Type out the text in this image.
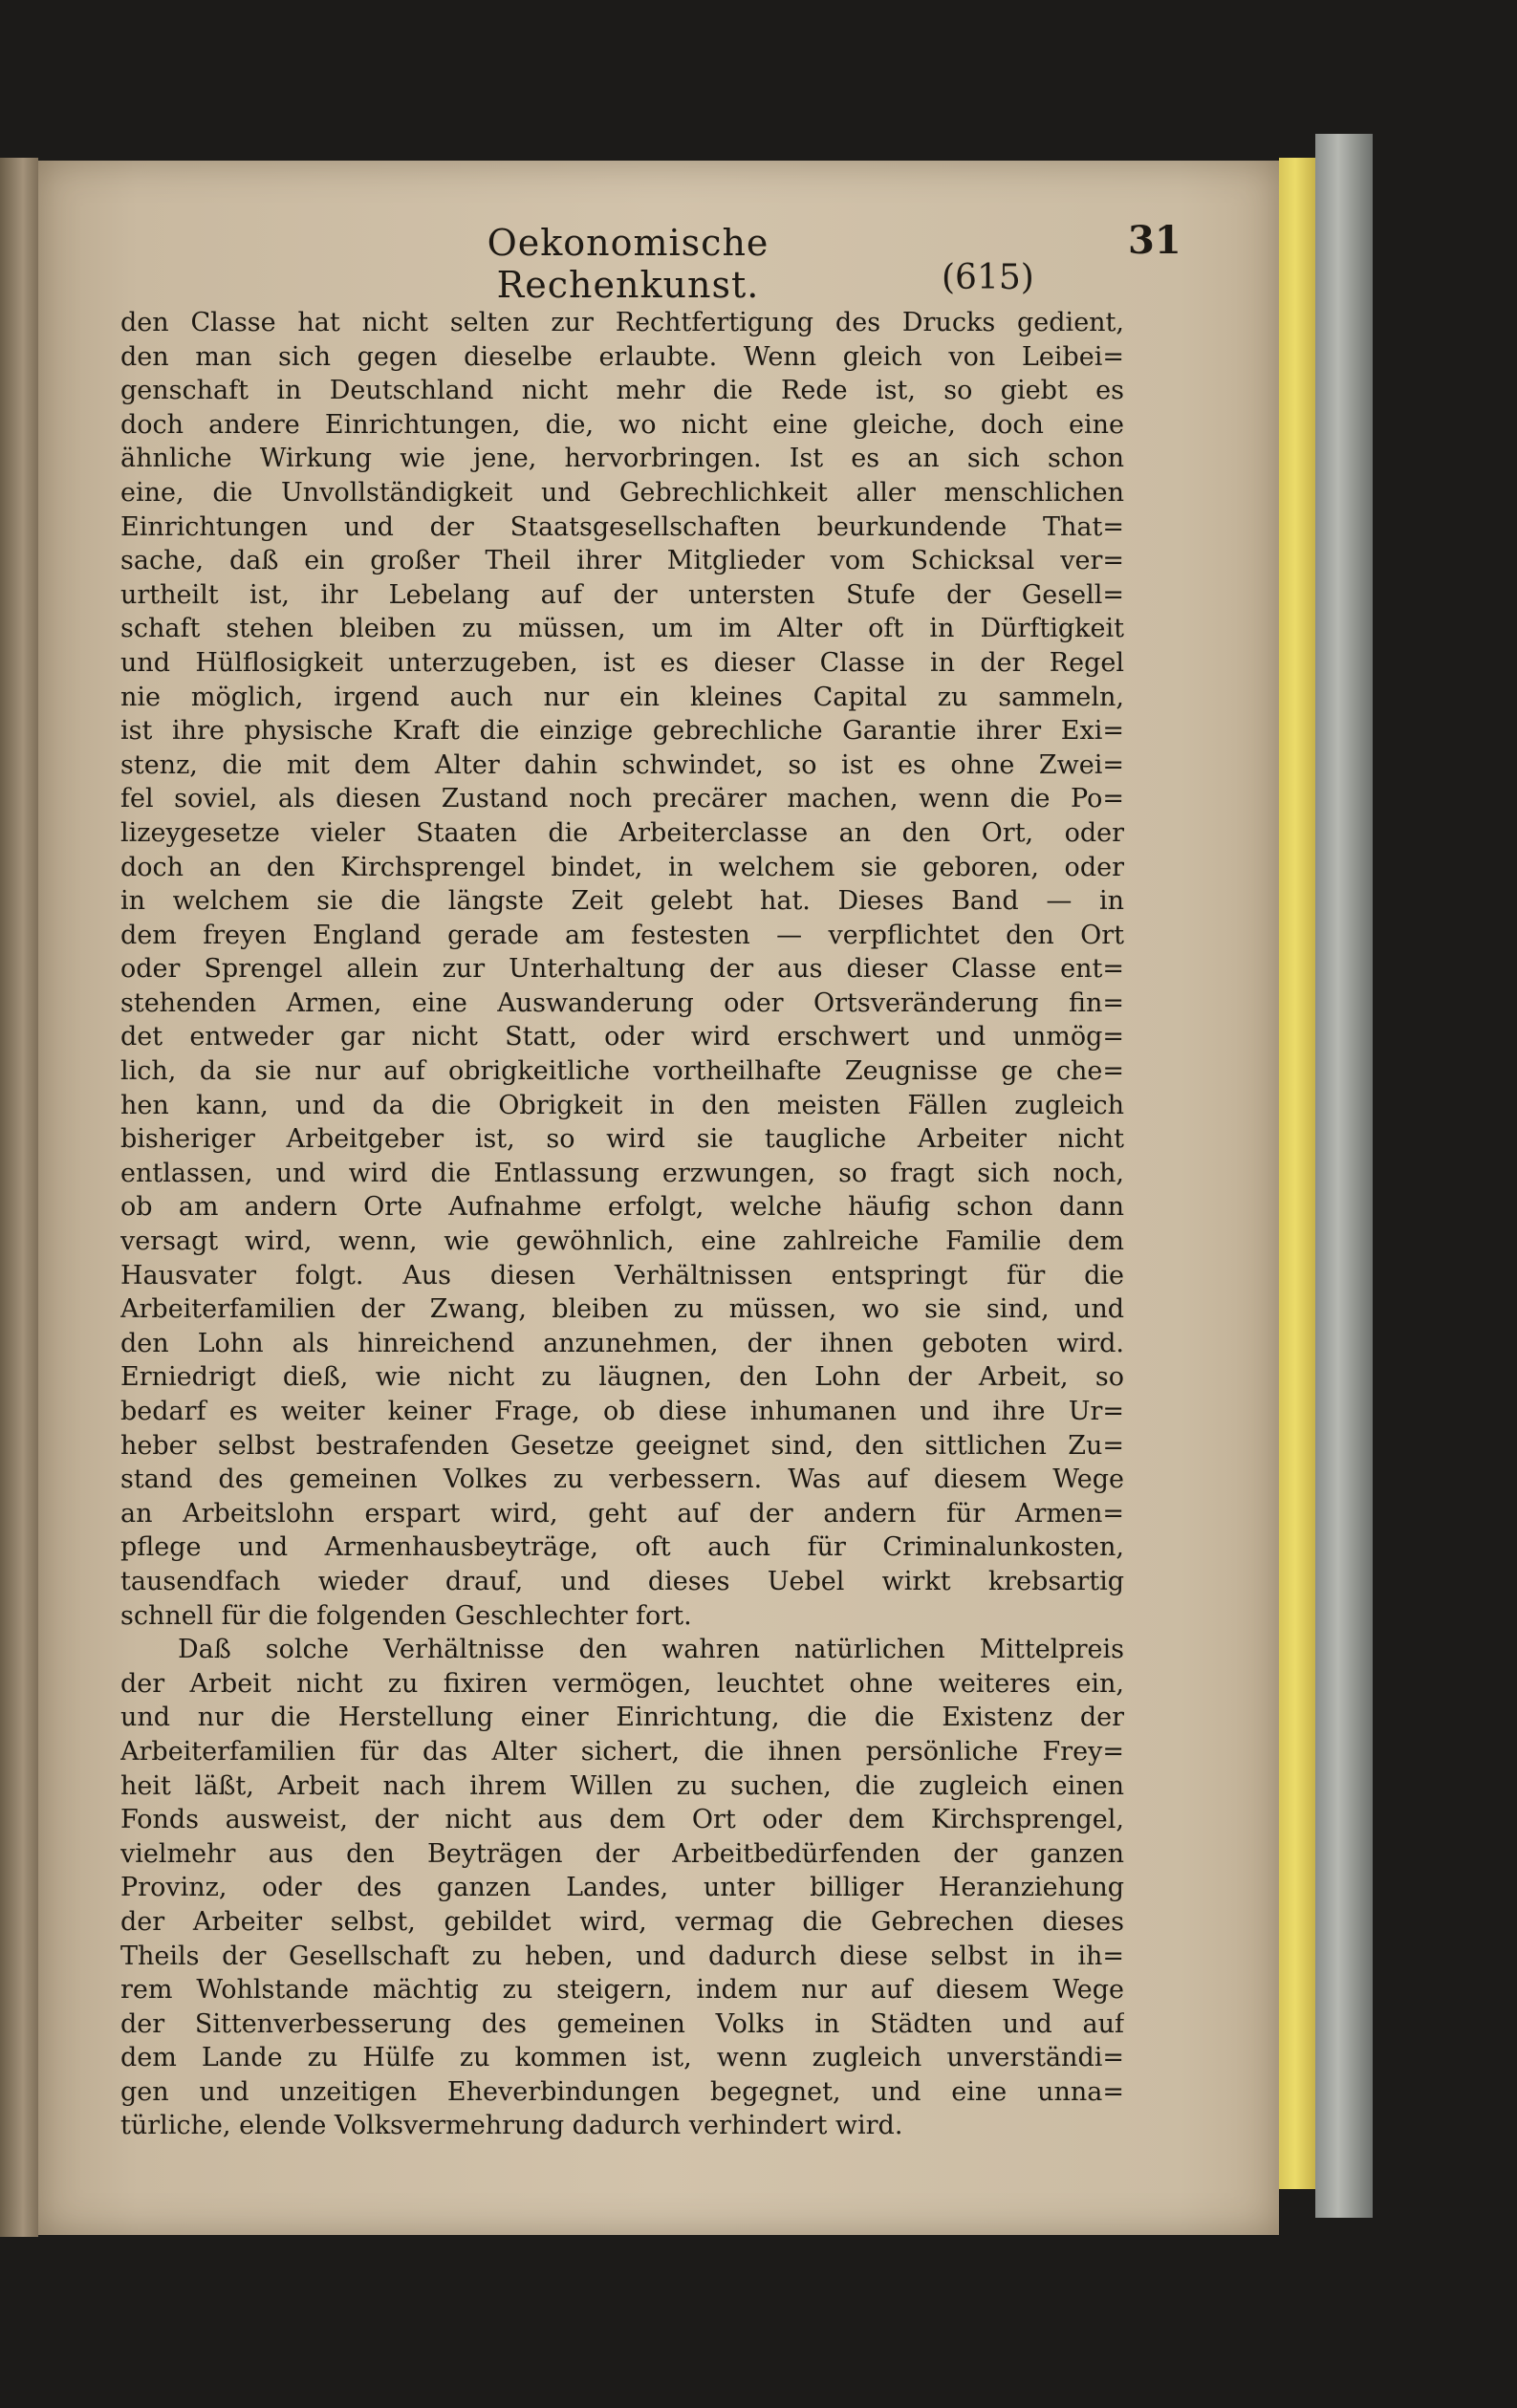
Oekonomische Rechenkunst.
31
(615)
den Classe hat nicht selten zur Rechtfertigung des Drucks gedient,
den man sich gegen dieselbe erlaubte. Wenn gleich von Leibei=
genschaft in Deutschland nicht mehr die Rede ist, so giebt es
doch andere Einrichtungen, die, wo nicht eine gleiche, doch eine
ähnliche Wirkung wie jene, hervorbringen. Ist es an sich schon
eine, die Unvollständigkeit und Gebrechlichkeit aller menschlichen
Einrichtungen und der Staatsgesellschaften beurkundende That=
sache, daß ein großer Theil ihrer Mitglieder vom Schicksal ver=
urtheilt ist, ihr Lebelang auf der untersten Stufe der Gesell=
schaft stehen bleiben zu müssen, um im Alter oft in Dürftigkeit
und Hülflosigkeit unterzugeben, ist es dieser Classe in der Regel
nie möglich, irgend auch nur ein kleines Capital zu sammeln,
ist ihre physische Kraft die einzige gebrechliche Garantie ihrer Exi=
stenz, die mit dem Alter dahin schwindet, so ist es ohne Zwei=
fel soviel, als diesen Zustand noch precärer machen, wenn die Po=
lizeygesetze vieler Staaten die Arbeiterclasse an den Ort, oder
doch an den Kirchsprengel bindet, in welchem sie geboren, oder
in welchem sie die längste Zeit gelebt hat. Dieses Band — in
dem freyen England gerade am festesten — verpflichtet den Ort
oder Sprengel allein zur Unterhaltung der aus dieser Classe ent=
stehenden Armen, eine Auswanderung oder Ortsveränderung fin=
det entweder gar nicht Statt, oder wird erschwert und unmög=
lich, da sie nur auf obrigkeitliche vortheilhafte Zeugnisse ge che=
hen kann, und da die Obrigkeit in den meisten Fällen zugleich
bisheriger Arbeitgeber ist, so wird sie taugliche Arbeiter nicht
entlassen, und wird die Entlassung erzwungen, so fragt sich noch,
ob am andern Orte Aufnahme erfolgt, welche häufig schon dann
versagt wird, wenn, wie gewöhnlich, eine zahlreiche Familie dem
Hausvater folgt. Aus diesen Verhältnissen entspringt für die
Arbeiterfamilien der Zwang, bleiben zu müssen, wo sie sind, und
den Lohn als hinreichend anzunehmen, der ihnen geboten wird.
Erniedrigt dieß, wie nicht zu läugnen, den Lohn der Arbeit, so
bedarf es weiter keiner Frage, ob diese inhumanen und ihre Ur=
heber selbst bestrafenden Gesetze geeignet sind, den sittlichen Zu=
stand des gemeinen Volkes zu verbessern. Was auf diesem Wege
an Arbeitslohn erspart wird, geht auf der andern für Armen=
pflege und Armenhausbeyträge, oft auch für Criminalunkosten,
tausendfach wieder drauf, und dieses Uebel wirkt krebsartig
schnell für die folgenden Geschlechter fort.
Daß solche Verhältnisse den wahren natürlichen Mittelpreis
der Arbeit nicht zu fixiren vermögen, leuchtet ohne weiteres ein,
und nur die Herstellung einer Einrichtung, die die Existenz der
Arbeiterfamilien für das Alter sichert, die ihnen persönliche Frey=
heit läßt, Arbeit nach ihrem Willen zu suchen, die zugleich einen
Fonds ausweist, der nicht aus dem Ort oder dem Kirchsprengel,
vielmehr aus den Beyträgen der Arbeitbedürfenden der ganzen
Provinz, oder des ganzen Landes, unter billiger Heranziehung
der Arbeiter selbst, gebildet wird, vermag die Gebrechen dieses
Theils der Gesellschaft zu heben, und dadurch diese selbst in ih=
rem Wohlstande mächtig zu steigern, indem nur auf diesem Wege
der Sittenverbesserung des gemeinen Volks in Städten und auf
dem Lande zu Hülfe zu kommen ist, wenn zugleich unverständi=
gen und unzeitigen Eheverbindungen begegnet, und eine unna=
türliche, elende Volksvermehrung dadurch verhindert wird.
